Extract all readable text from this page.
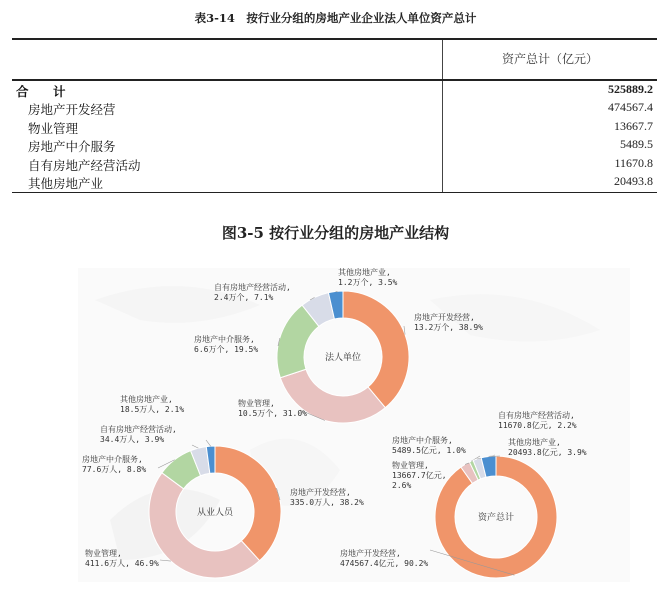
表3-14　按行业分组的房地产业企业法人单位资产总计
资产总计（亿元）
合　计	525889.2
房地产开发经营	474567.4
物业管理	13667.7
房地产中介服务	5489.5
自有房地产经营活动	11670.8
其他房地产业	20493.8
图3-5 按行业分组的房地产业结构
房地产开发经营,
13.2万个, 38.9%
物业管理,
10.5万个, 31.0%
房地产中介服务,
6.6万个, 19.5%
自有房地产经营活动,
2.4万个, 7.1%
其他房地产业,
1.2万个, 3.5%
法人单位
房地产开发经营,
335.0万人, 38.2%
物业管理,
411.6万人, 46.9%
房地产中介服务,
77.6万人, 8.8%
自有房地产经营活动,
34.4万人, 3.9%
其他房地产业,
18.5万人, 2.1%
从业人员
房地产开发经营,
474567.4亿元, 90.2%
物业管理,
13667.7亿元,
2.6%
房地产中介服务,
5489.5亿元, 1.0%
自有房地产经营活动,
11670.8亿元, 2.2%
其他房地产业,
20493.8亿元, 3.9%
资产总计
